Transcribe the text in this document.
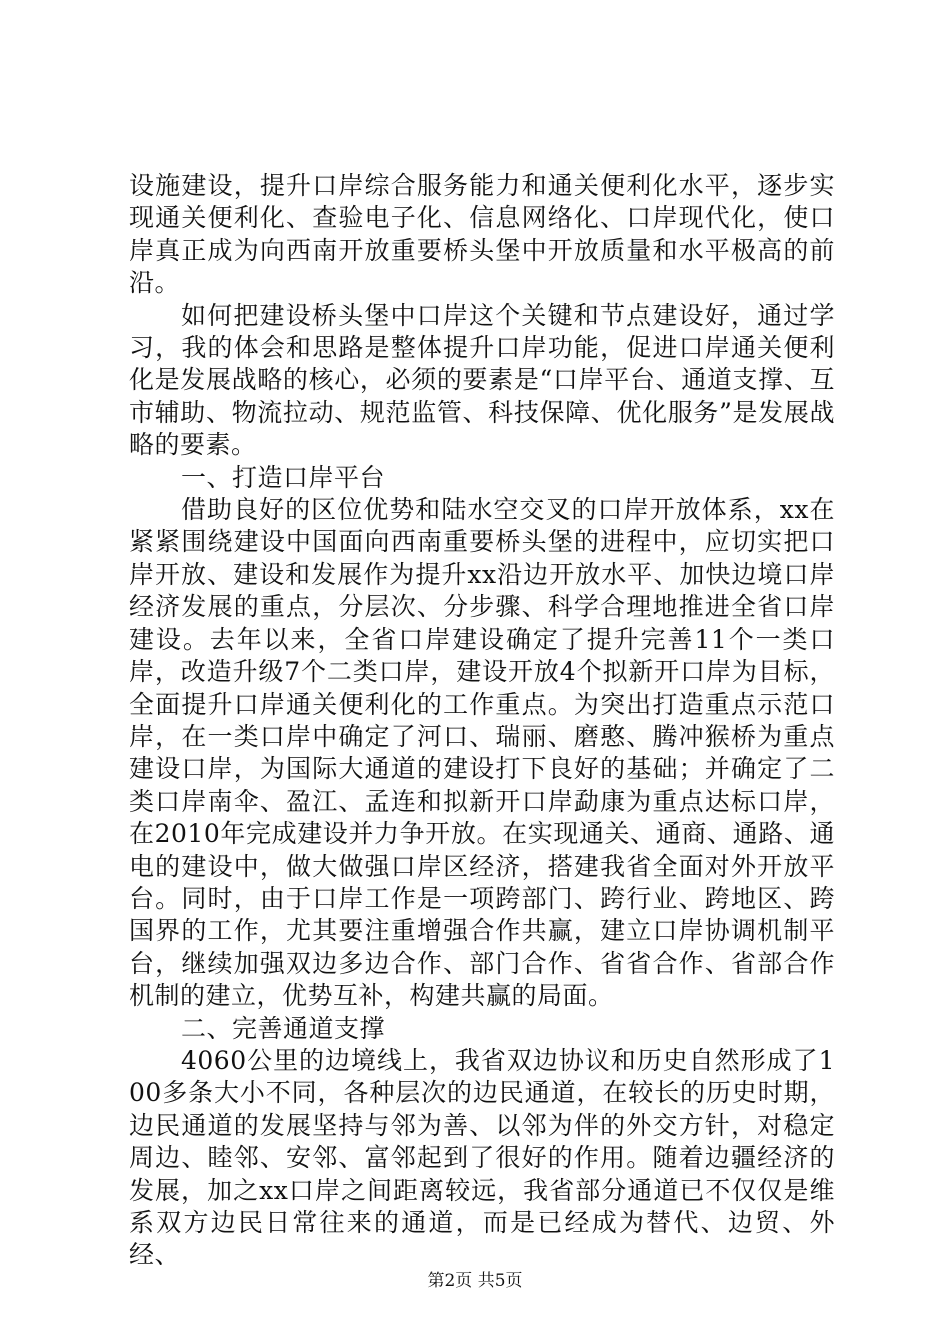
设施建设，提升口岸综合服务能力和通关便利化水平，逐步实现通关便利化、查验电子化、信息网络化、口岸现代化，使口岸真正成为向西南开放重要桥头堡中开放质量和水平极高的前沿。

如何把建设桥头堡中口岸这个关键和节点建设好，通过学习，我的体会和思路是整体提升口岸功能，促进口岸通关便利化是发展战略的核心，必须的要素是“口岸平台、通道支撑、互市辅助、物流拉动、规范监管、科技保障、优化服务”是发展战略的要素。

一、打造口岸平台

借助良好的区位优势和陆水空交叉的口岸开放体系，xx在紧紧围绕建设中国面向西南重要桥头堡的进程中，应切实把口岸开放、建设和发展作为提升xx沿边开放水平、加快边境口岸经济发展的重点，分层次、分步骤、科学合理地推进全省口岸建设。去年以来，全省口岸建设确定了提升完善11个一类口岸，改造升级7个二类口岸，建设开放4个拟新开口岸为目标，全面提升口岸通关便利化的工作重点。为突出打造重点示范口岸，在一类口岸中确定了河口、瑞丽、磨憨、腾冲猴桥为重点建设口岸，为国际大通道的建设打下良好的基础；并确定了二类口岸南伞、盈江、孟连和拟新开口岸勐康为重点达标口岸，在2010年完成建设并力争开放。在实现通关、通商、通路、通电的建设中，做大做强口岸区经济，搭建我省全面对外开放平台。同时，由于口岸工作是一项跨部门、跨行业、跨地区、跨国界的工作，尤其要注重增强合作共赢，建立口岸协调机制平台，继续加强双边多边合作、部门合作、省省合作、省部合作机制的建立，优势互补，构建共赢的局面。

二、完善通道支撑

4060公里的边境线上，我省双边协议和历史自然形成了100多条大小不同，各种层次的边民通道，在较长的历史时期，边民通道的发展坚持与邻为善、以邻为伴的外交方针，对稳定周边、睦邻、安邻、富邻起到了很好的作用。随着边疆经济的发展，加之xx口岸之间距离较远，我省部分通道已不仅仅是维系双方边民日常往来的通道，而是已经成为替代、边贸、外经、

第2页 共5页
